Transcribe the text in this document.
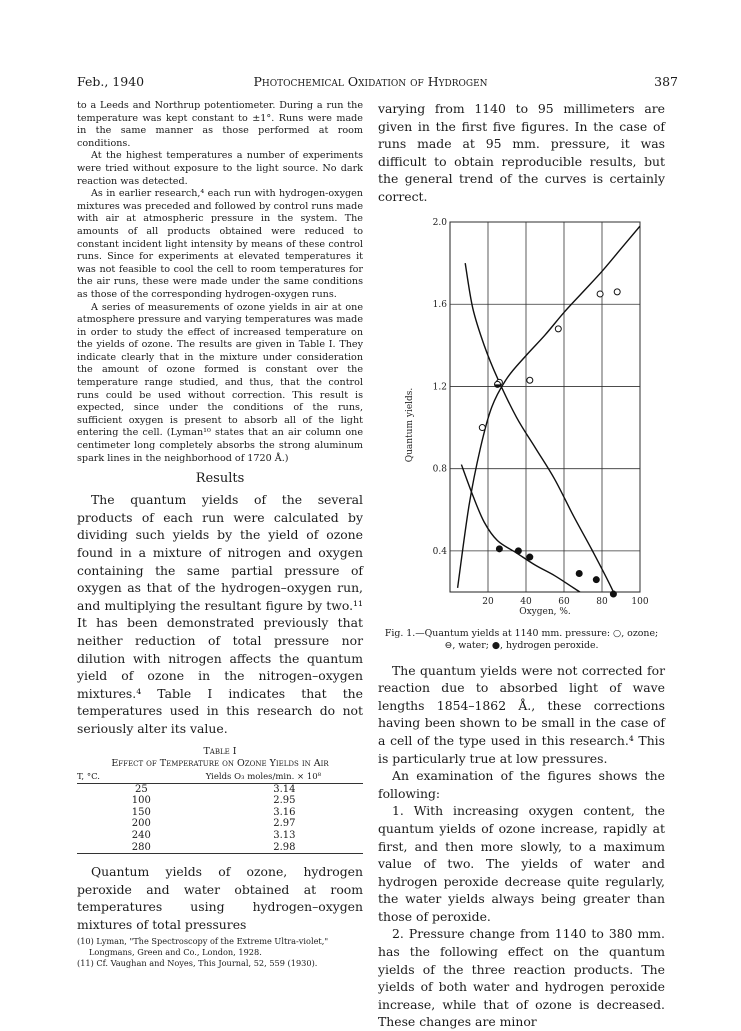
Feb., 1940	Photochemical Oxidation of Hydrogen	387

to a Leeds and Northrup potentiometer. During a run the temperature was kept constant to ±1°. Runs were made in the same manner as those performed at room conditions.

At the highest temperatures a number of experiments were tried without exposure to the light source. No dark reaction was detected.

As in earlier research,⁴ each run with hydrogen-oxygen mixtures was preceded and followed by control runs made with air at atmospheric pressure in the system. The amounts of all products obtained were reduced to constant incident light intensity by means of these control runs. Since for experiments at elevated temperatures it was not feasible to cool the cell to room temperatures for the air runs, these were made under the same conditions as those of the corresponding hydrogen-oxygen runs.

A series of measurements of ozone yields in air at one atmosphere pressure and varying temperatures was made in order to study the effect of increased temperature on the yields of ozone. The results are given in Table I. They indicate clearly that in the mixture under consideration the amount of ozone formed is constant over the temperature range studied, and thus, that the control runs could be used without correction. This result is expected, since under the conditions of the runs, sufficient oxygen is present to absorb all of the light entering the cell. (Lyman¹⁰ states that an air column one centimeter long completely absorbs the strong aluminum spark lines in the neighborhood of 1720 Å.)

Results

The quantum yields of the several products of each run were calculated by dividing such yields by the yield of ozone found in a mixture of nitrogen and oxygen containing the same partial pressure of oxygen as that of the hydrogen–oxygen run, and multiplying the resultant figure by two.¹¹ It has been demonstrated previously that neither reduction of total pressure nor dilution with nitrogen affects the quantum yield of ozone in the nitrogen–oxygen mixtures.⁴ Table I indicates that the temperatures used in this research do not seriously alter its value.

Table I
Effect of Temperature on Ozone Yields in Air
T, °C.	Yields O₃ moles/min. × 10⁸
25	3.14
100	2.95
150	3.16
200	2.97
240	3.13
280	2.98

Quantum yields of ozone, hydrogen peroxide and water obtained at room temperatures using hydrogen–oxygen mixtures of total pressures

(10) Lyman, "The Spectroscopy of the Extreme Ultra-violet,"
Longmans, Green and Co., London, 1928.
(11) Cf. Vaughan and Noyes, This Journal, 52, 559 (1930).

varying from 1140 to 95 millimeters are given in the first five figures. In the case of runs made at 95 mm. pressure, it was difficult to obtain reproducible results, but the general trend of the curves is certainly correct.

20	40	60	80	100
0.4
0.8
1.2
1.6
2.0
Quantum yields.
Oxygen, %.
Fig. 1.—Quantum yields at 1140 mm. pressure: ○, ozone; ⊖, water; ●, hydrogen peroxide.

The quantum yields were not corrected for reaction due to absorbed light of wave lengths 1854–1862 Å., these corrections having been shown to be small in the case of a cell of the type used in this research.⁴ This is particularly true at low pressures.

An examination of the figures shows the following:

1. With increasing oxygen content, the quantum yields of ozone increase, rapidly at first, and then more slowly, to a maximum value of two. The yields of water and hydrogen peroxide decrease quite regularly, the water yields always being greater than those of peroxide.

2. Pressure change from 1140 to 380 mm. has the following effect on the quantum yields of the three reaction products. The yields of both water and hydrogen peroxide increase, while that of ozone is decreased. These changes are minor
